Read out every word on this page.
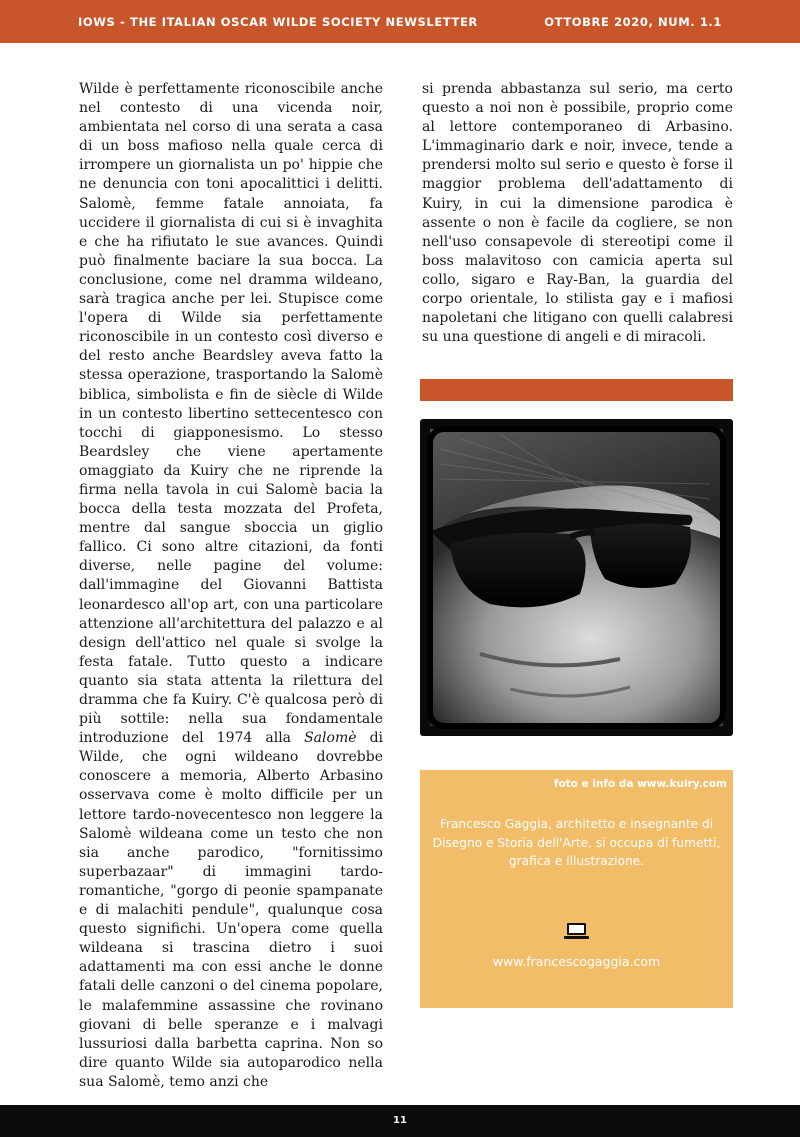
IOWS - THE ITALIAN OSCAR WILDE SOCIETY NEWSLETTER	OTTOBRE 2020, NUM. 1.1

Wilde è perfettamente riconoscibile anche nel contesto di una vicenda noir, ambientata nel corso di una serata a casa di un boss mafioso nella quale cerca di irrompere un giornalista un po' hippie che ne denuncia con toni apocalittici i delitti. Salomè, femme fatale annoiata, fa uccidere il giornalista di cui si è invaghita e che ha rifiutato le sue avances. Quindi può finalmente baciare la sua bocca. La conclusione, come nel dramma wildeano, sarà tragica anche per lei. Stupisce come l'opera di Wilde sia perfettamente riconoscibile in un contesto così diverso e del resto anche Beardsley aveva fatto la stessa operazione, trasportando la Salomè biblica, simbolista e fin de siècle di Wilde in un contesto libertino settecentesco con tocchi di giapponesismo. Lo stesso Beardsley che viene apertamente omaggiato da Kuiry che ne riprende la firma nella tavola in cui Salomè bacia la bocca della testa mozzata del Profeta, mentre dal sangue sboccia un giglio fallico. Ci sono altre citazioni, da fonti diverse, nelle pagine del volume: dall'immagine del Giovanni Battista leonardesco all'op art, con una particolare attenzione all'architettura del palazzo e al design dell'attico nel quale si svolge la festa fatale. Tutto questo a indicare quanto sia stata attenta la rilettura del dramma che fa Kuiry. C'è qualcosa però di più sottile: nella sua fondamentale introduzione del 1974 alla Salomè di Wilde, che ogni wildeano dovrebbe conoscere a memoria, Alberto Arbasino osservava come è molto difficile per un lettore tardo-novecentesco non leggere la Salomè wildeana come un testo che non sia anche parodico, "fornitissimo superbazaar" di immagini tardo-romantiche, "gorgo di peonie spampanate e di malachiti pendule", qualunque cosa questo significhi. Un'opera come quella wildeana si trascina dietro i suoi adattamenti ma con essi anche le donne fatali delle canzoni o del cinema popolare, le malafemmine assassine che rovinano giovani di belle speranze e i malvagi lussuriosi dalla barbetta caprina. Non so dire quanto Wilde sia autoparodico nella sua Salomè, temo anzi che

si prenda abbastanza sul serio, ma certo questo a noi non è possibile, proprio come al lettore contemporaneo di Arbasino. L'immaginario dark e noir, invece, tende a prendersi molto sul serio e questo è forse il maggior problema dell'adattamento di Kuiry, in cui la dimensione parodica è assente o non è facile da cogliere, se non nell'uso consapevole di stereotipi come il boss malavitoso con camicia aperta sul collo, sigaro e Ray-Ban, la guardia del corpo orientale, lo stilista gay e i mafiosi napoletani che litigano con quelli calabresi su una questione di angeli e di miracoli.

foto e info da www.kuiry.com
Francesco Gaggia, architetto e insegnante di Disegno e Storia dell'Arte, si occupa di fumetti, grafica e illustrazione.
www.francescogaggia.com
11
